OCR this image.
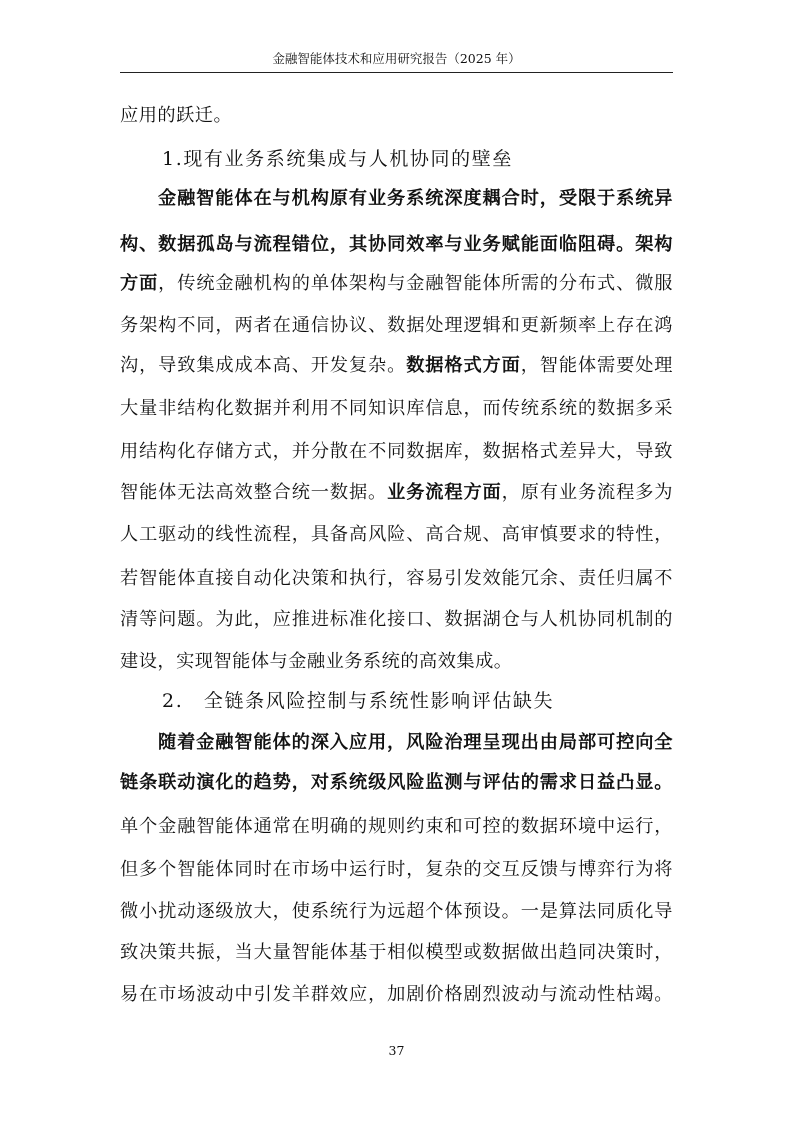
金融智能体技术和应用研究报告（2025 年）
应用的跃迁。
1.现有业务系统集成与人机协同的壁垒
金融智能体在与机构原有业务系统深度耦合时，受限于系统异
构、数据孤岛与流程错位，其协同效率与业务赋能面临阻碍。架构
方面，传统金融机构的单体架构与金融智能体所需的分布式、微服
务架构不同，两者在通信协议、数据处理逻辑和更新频率上存在鸿
沟，导致集成成本高、开发复杂。数据格式方面，智能体需要处理
大量非结构化数据并利用不同知识库信息，而传统系统的数据多采
用结构化存储方式，并分散在不同数据库，数据格式差异大，导致
智能体无法高效整合统一数据。业务流程方面，原有业务流程多为
人工驱动的线性流程，具备高风险、高合规、高审慎要求的特性，
若智能体直接自动化决策和执行，容易引发效能冗余、责任归属不
清等问题。为此，应推进标准化接口、数据湖仓与人机协同机制的
建设，实现智能体与金融业务系统的高效集成。
2.　全链条风险控制与系统性影响评估缺失
随着金融智能体的深入应用，风险治理呈现出由局部可控向全
链条联动演化的趋势，对系统级风险监测与评估的需求日益凸显。
单个金融智能体通常在明确的规则约束和可控的数据环境中运行，
但多个智能体同时在市场中运行时，复杂的交互反馈与博弈行为将
微小扰动逐级放大，使系统行为远超个体预设。一是算法同质化导
致决策共振，当大量智能体基于相似模型或数据做出趋同决策时，
易在市场波动中引发羊群效应，加剧价格剧烈波动与流动性枯竭。
37
